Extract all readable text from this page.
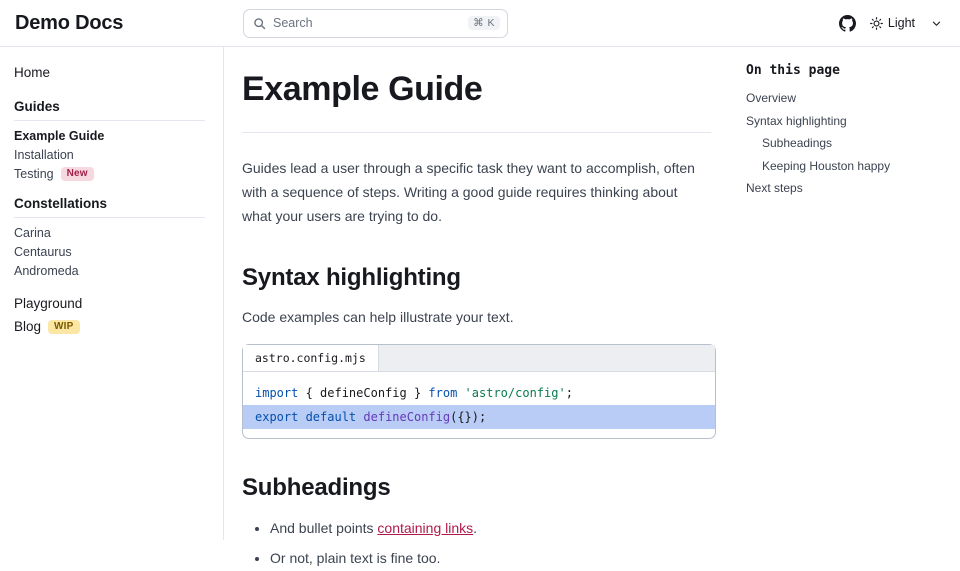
Demo Docs	Search	⌘ K	Light
Home
Guides
Example Guide
Installation
Testing	New
Constellations
Carina
Centaurus
Andromeda
Playground
Blog	WIP
Example Guide

Guides lead a user through a specific task they want to accomplish, often with a sequence of steps. Writing a good guide requires thinking about what your users are trying to do.

Syntax highlighting

Code examples can help illustrate your text.

astro.config.mjs
import { defineConfig } from 'astro/config';
export default defineConfig({});
Subheadings
• And bullet points containing links.
• Or not, plain text is fine too.
On this page
Overview
Syntax highlighting
Subheadings
Keeping Houston happy
Next steps
